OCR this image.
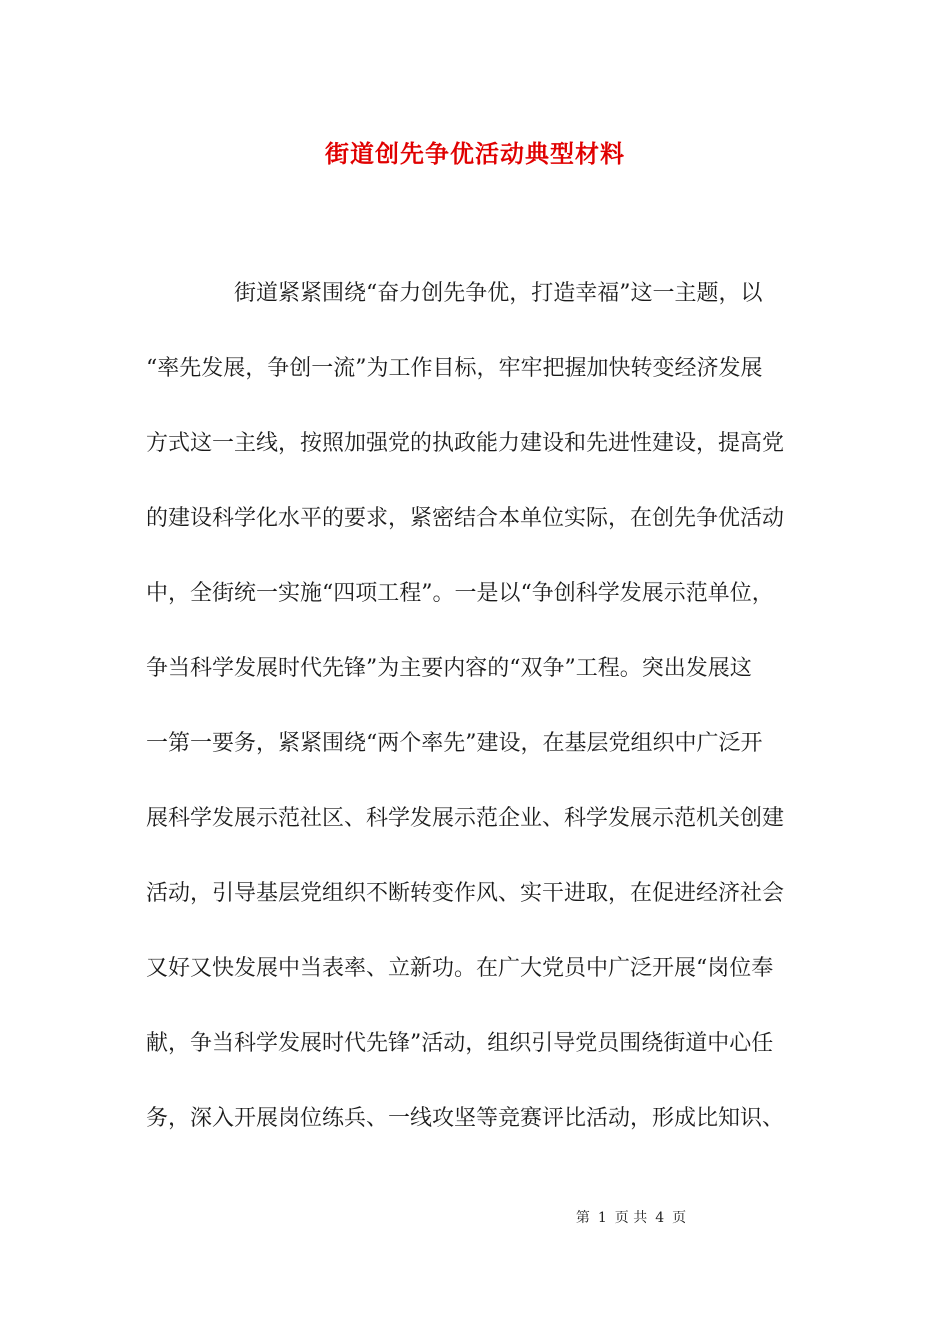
街道创先争优活动典型材料
街道紧紧围绕“奋力创先争优，打造幸福”这一主题，以
“率先发展，争创一流”为工作目标，牢牢把握加快转变经济发展
方式这一主线，按照加强党的执政能力建设和先进性建设，提高党
的建设科学化水平的要求，紧密结合本单位实际，在创先争优活动
中，全街统一实施“四项工程”。一是以“争创科学发展示范单位，
争当科学发展时代先锋”为主要内容的“双争”工程。突出发展这
一第一要务，紧紧围绕“两个率先”建设，在基层党组织中广泛开
展科学发展示范社区、科学发展示范企业、科学发展示范机关创建
活动，引导基层党组织不断转变作风、实干进取，在促进经济社会
又好又快发展中当表率、立新功。在广大党员中广泛开展“岗位奉
献，争当科学发展时代先锋”活动，组织引导党员围绕街道中心任
务，深入开展岗位练兵、一线攻坚等竞赛评比活动，形成比知识、
第 1 页 共 4 页
